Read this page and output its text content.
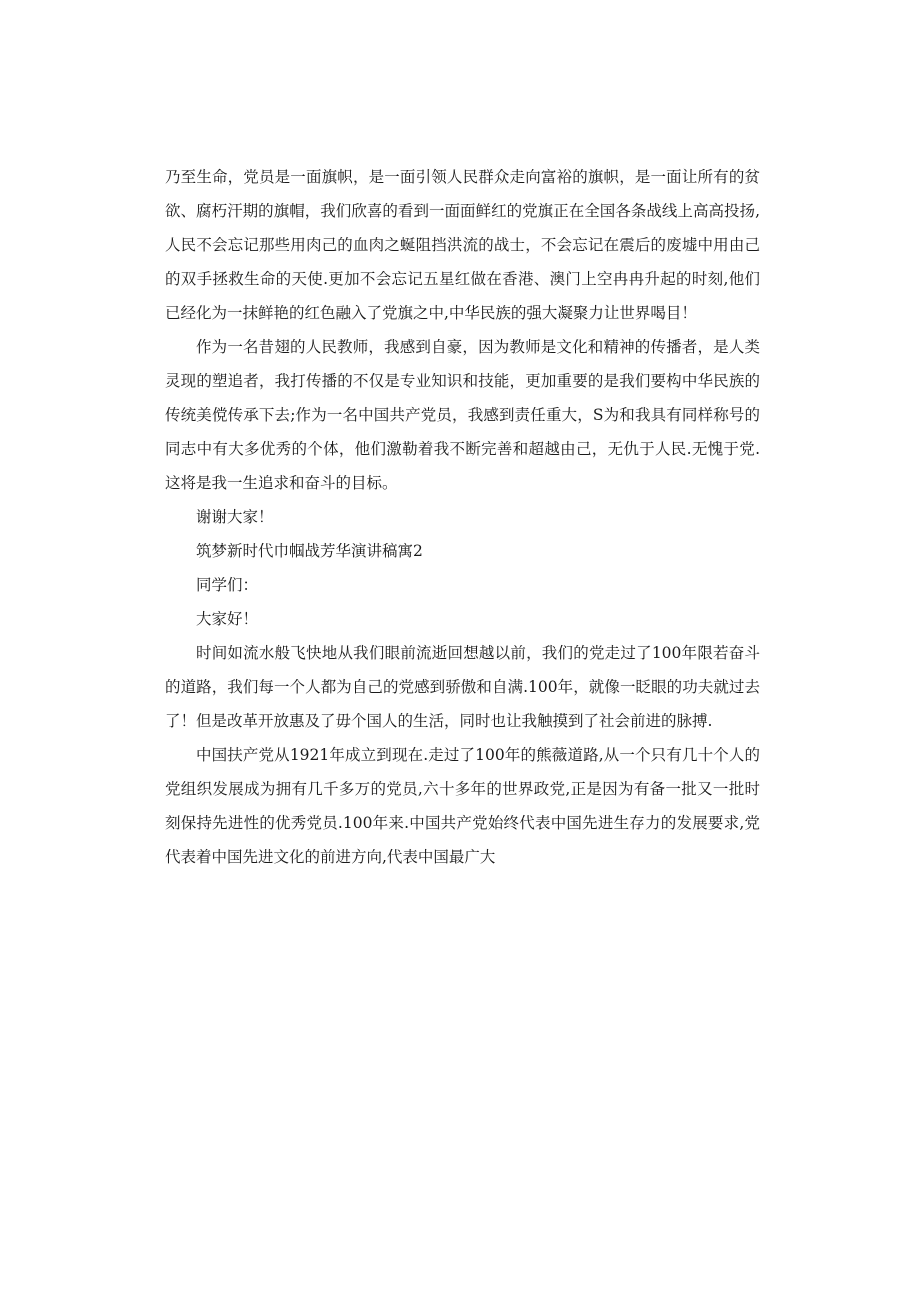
乃至生命，党员是一面旗帜，是一面引领人民群众走向富裕的旗帜，是一面让所有的贫欲、腐朽汗期的旗帽，我们欣喜的看到一面面鲜红的党旗正在全国各条战线上高高投扬,人民不会忘记那些用肉己的血肉之蜒阻挡洪流的战士，不会忘记在震后的废墟中用由己的双手拯救生命的天使.更加不会忘记五星红做在香港、澳门上空冉冉升起的时刻,他们已经化为一抹鲜艳的红色融入了党旗之中,中华民族的强大凝聚力让世界喝目！

作为一名昔翅的人民教师，我感到自豪，因为教师是文化和精神的传播者，是人类灵现的塑追者，我打传播的不仅是专业知识和技能，更加重要的是我们要构中华民族的传统美傥传承下去;作为一名中国共产党员，我感到责任重大，S为和我具有同样称号的同志中有大多优秀的个体，他们激勒着我不断完善和超越由己，无仇于人民.无愧于党.这将是我一生追求和奋斗的目标。

谢谢大家！

筑梦新时代巾帼战芳华演讲稿寓2

同学们：

大家好！

时间如流水般飞快地从我们眼前流逝回想越以前，我们的党走过了100年限若奋斗的道路，我们每一个人都为自己的党感到骄傲和自满.100年，就像一眨眼的功夫就过去了！但是改革开放惠及了毋个国人的生活，同时也让我触摸到了社会前进的脉搏.

中国扶产党从1921年成立到现在.走过了100年的熊薇道路,从一个只有几十个人的党组织发展成为拥有几千多万的党员,六十多年的世界政党,正是因为有备一批又一批时刻保持先进性的优秀党员.100年来.中国共产党始终代表中国先进生存力的发展要求,党代表着中国先进文化的前进方向,代表中国最广大
